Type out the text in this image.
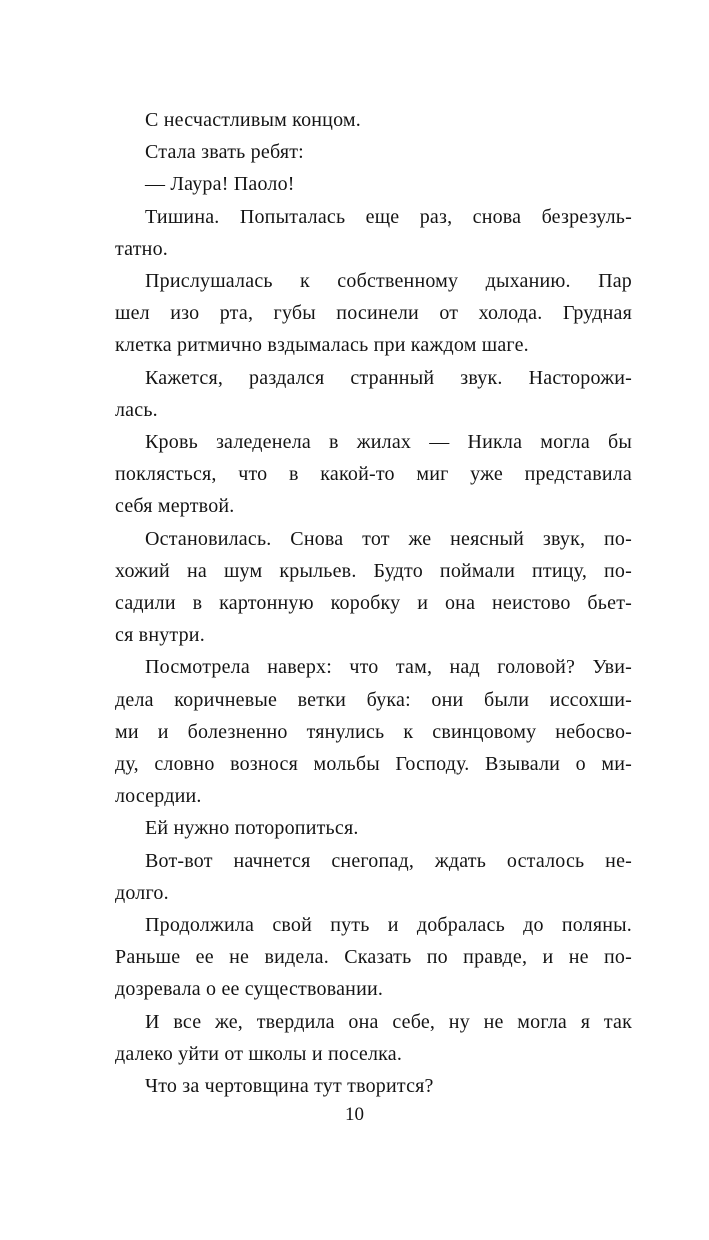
С несчастливым концом.
Стала звать ребят:
— Лаура! Паоло!
Тишина. Попыталась еще раз, снова безрезуль-
татно.
Прислушалась к собственному дыханию. Пар
шел изо рта, губы посинели от холода. Грудная
клетка ритмично вздымалась при каждом шаге.
Кажется, раздался странный звук. Насторожи-
лась.
Кровь заледенела в жилах — Никла могла бы
поклясться, что в какой-то миг уже представила
себя мертвой.
Остановилась. Снова тот же неясный звук, по-
хожий на шум крыльев. Будто поймали птицу, по-
садили в картонную коробку и она неистово бьет-
ся внутри.
Посмотрела наверх: что там, над головой? Уви-
дела коричневые ветки бука: они были иссохши-
ми и болезненно тянулись к свинцовому небосво-
ду, словно вознося мольбы Господу. Взывали о ми-
лосердии.
Ей нужно поторопиться.
Вот-вот начнется снегопад, ждать осталось не-
долго.
Продолжила свой путь и добралась до поляны.
Раньше ее не видела. Сказать по правде, и не по-
дозревала о ее существовании.
И все же, твердила она себе, ну не могла я так
далеко уйти от школы и поселка.
Что за чертовщина тут творится?
10
